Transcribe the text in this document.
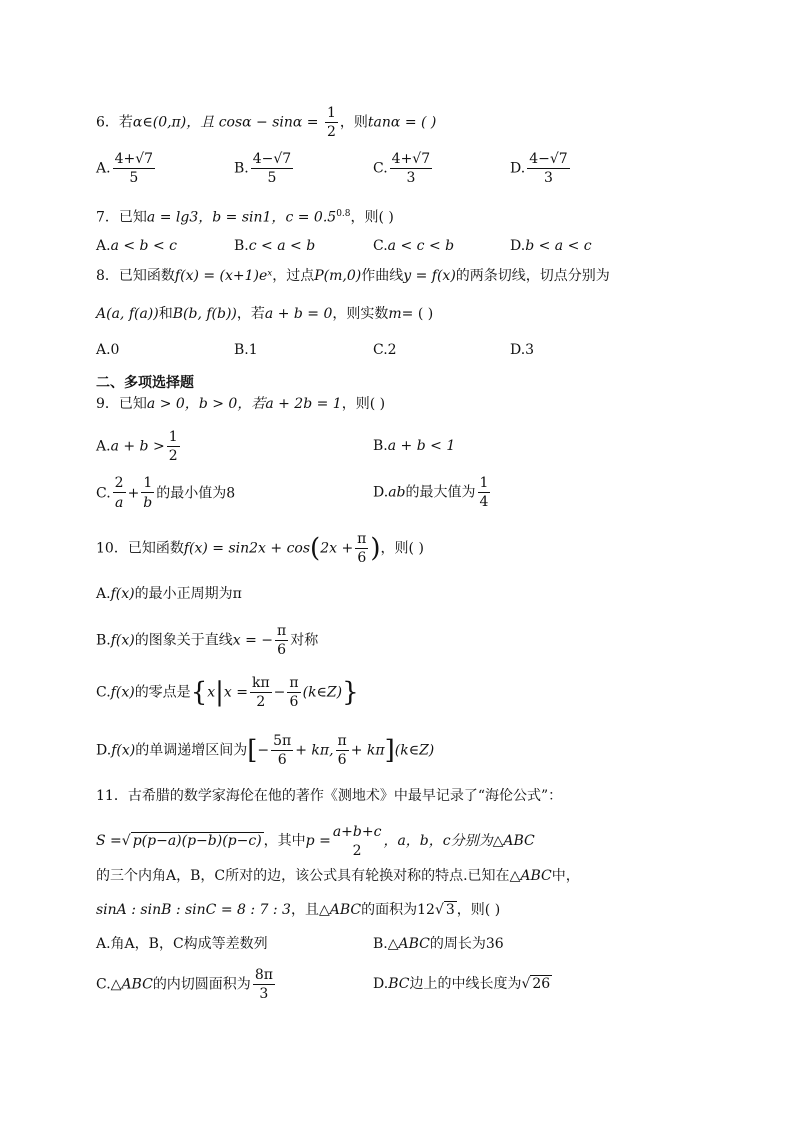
6．若α∈(0,π)，且 $\cos\alpha - \sin\alpha = \frac{1}{2}$ ，则tanα = ( )
A. $\frac{4+√7}{5}$	B. $\frac{4-√7}{5}$	C. $\frac{4+√7}{3}$	D. $\frac{4-√7}{3}$
7．已知a = lg3，b = sin1，$c = 0.5^{0.8}$，则( )
A.a < b < c	B.c < a < b	C.a < c < b	D.b < a < c
8．已知函数f(x) = (x+1)eˣ，过点P(m,0)作曲线y = f(x)的两条切线，切点分别为
A(a, f(a))和B(b, f(b))，若a + b = 0，则实数m= ( )
A.0	B.1	C.2	D.3
二、多项选择题
9．已知a > 0，b > 0，若a + 2b = 1，则( )
$A.a + b > \frac{1}{2}$	B.a + b < 1
C. $\frac{2}{a} + \frac{1}{b}$ 的最小值为8	D.ab的最大值为 $\frac{1}{4}$
10．已知函数$f(x) = \sin 2x + \cos(2x + \frac{\pi}{6}$ )，则( )
A.f(x)的最小正周期为π
B.f(x)的图象关于直线x = − $\frac{\pi}{6}$ 对称
C.f(x)的零点是{$x|x = \frac{k\pi}{2} - \frac{\pi}{6}$ (k∈Z)}
D.f(x)的单调递增区间为[− $\frac{5\pi}{6} + k\pi$, $\frac{\pi}{6}$ + kπ](k∈Z)
11．古希腊的数学家海伦在他的著作《测地术》中最早记录了“海伦公式”：
S =√ p(p−a)(p−b)(p−c) ，其中p =
a+b+c
2
，a，b，c分别为△ABC
的三个内角A，B，C所对的边，该公式具有轮换对称的特点.已知在△ABC中，
sinA : sinB : sinC = 8 : 7 : 3，且△ABC的面积为12√ 3 ，则( )
A.角A，B，C构成等差数列	B.△ABC的周长为36
C.△ABC的内切圆面积为 $\frac{8\pi}{3}$	D.BC边上的中线长度为√ 26
